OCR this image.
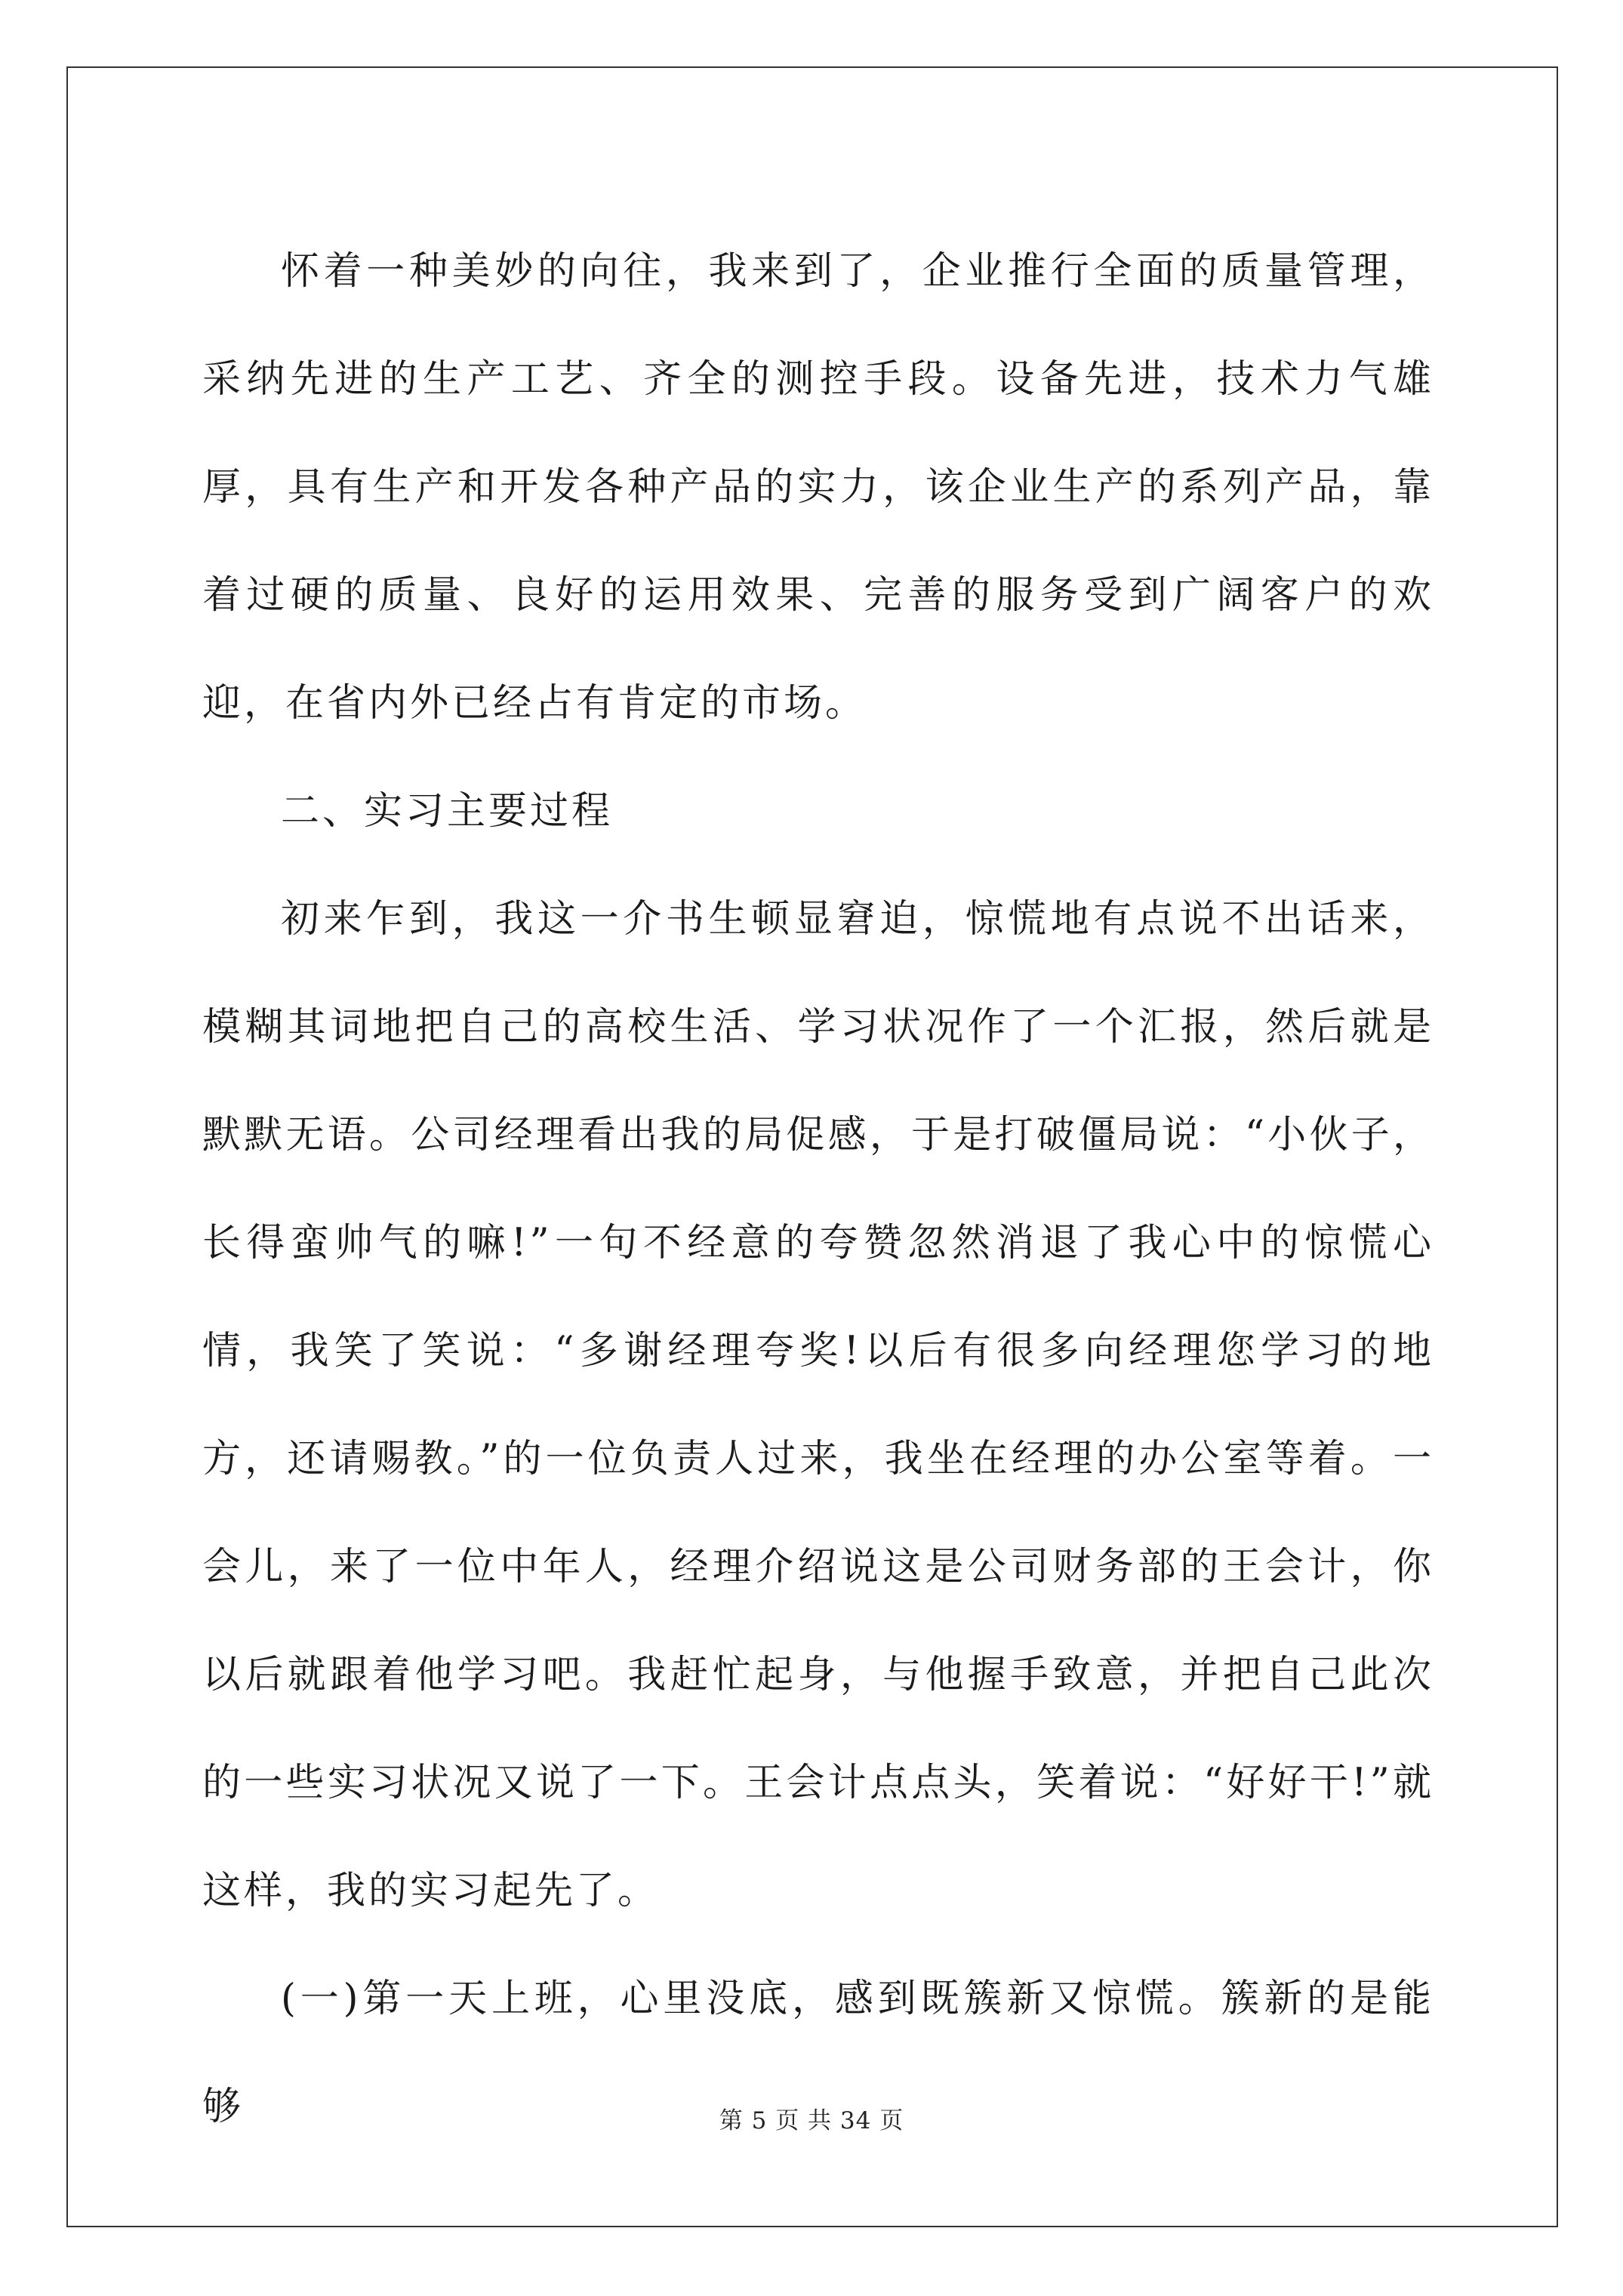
怀着一种美妙的向往，我来到了，企业推行全面的质量管理，采纳先进的生产工艺、齐全的测控手段。设备先进，技术力气雄厚，具有生产和开发各种产品的实力，该企业生产的系列产品，靠着过硬的质量、良好的运用效果、完善的服务受到广阔客户的欢迎，在省内外已经占有肯定的市场。

二、实习主要过程

初来乍到，我这一介书生顿显窘迫，惊慌地有点说不出话来，模糊其词地把自己的高校生活、学习状况作了一个汇报，然后就是默默无语。公司经理看出我的局促感，于是打破僵局说：“小伙子，长得蛮帅气的嘛!”一句不经意的夸赞忽然消退了我心中的惊慌心情，我笑了笑说：“多谢经理夸奖!以后有很多向经理您学习的地方，还请赐教。”的一位负责人过来，我坐在经理的办公室等着。一会儿，来了一位中年人，经理介绍说这是公司财务部的王会计，你以后就跟着他学习吧。我赶忙起身，与他握手致意，并把自己此次的一些实习状况又说了一下。王会计点点头，笑着说：“好好干!”就这样，我的实习起先了。

(一)第一天上班，心里没底，感到既簇新又惊慌。簇新的是能够	第 5 页 共 34 页
